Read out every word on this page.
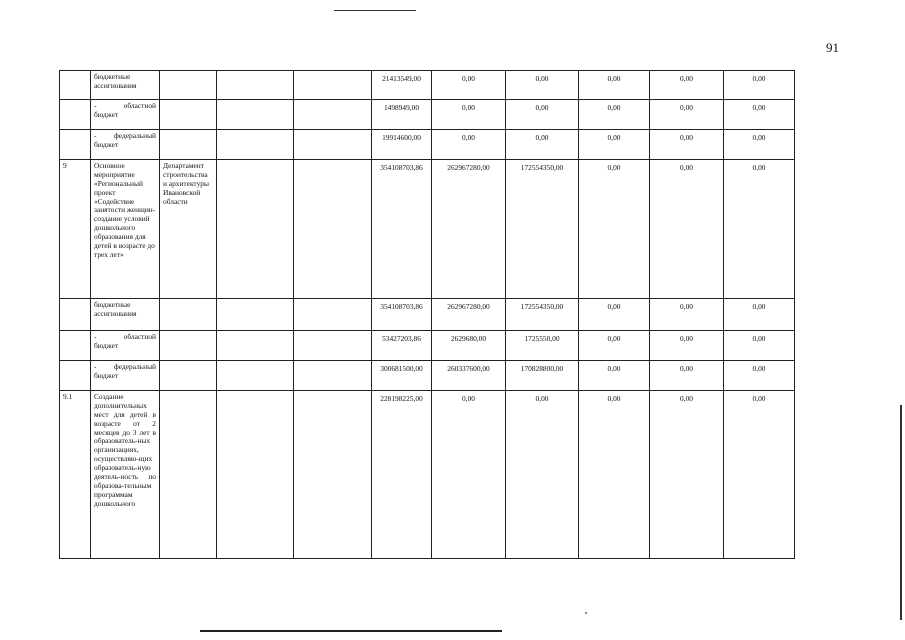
91
	бюджетные ассигнования				21413549,00	0,00	0,00	0,00	0,00	0,00
	- областной бюджет				1498949,00	0,00	0,00	0,00	0,00	0,00
	- федеральный бюджет				19914600,00	0,00	0,00	0,00	0,00	0,00
9	Основное мероприятие «Региональный проект «Содействие занятости женщин-создание условий дошкольного образования для детей в возрасте до трех лет»	Департамент строительства и архитектуры Ивановской области			354108703,86	262967280,00	172554350,00	0,00	0,00	0,00
	бюджетные ассигнования				354108703,86	262967280,00	172554350,00	0,00	0,00	0,00
	- областной бюджет				53427203,86	2629680,00	1725550,00	0,00	0,00	0,00
	- федеральный бюджет				300681500,00	260337600,00	170828800,00	0,00	0,00	0,00
9.1	Создание дополнительных мест для детей в возрасте от 2 месяцев до 3 лет в образователь-ных организациях, осуществляю-щих образователь-ную деятель-ность по образова-тельным программам дошкольного				228198225,00	0,00	0,00	0,00	0,00	0,00
